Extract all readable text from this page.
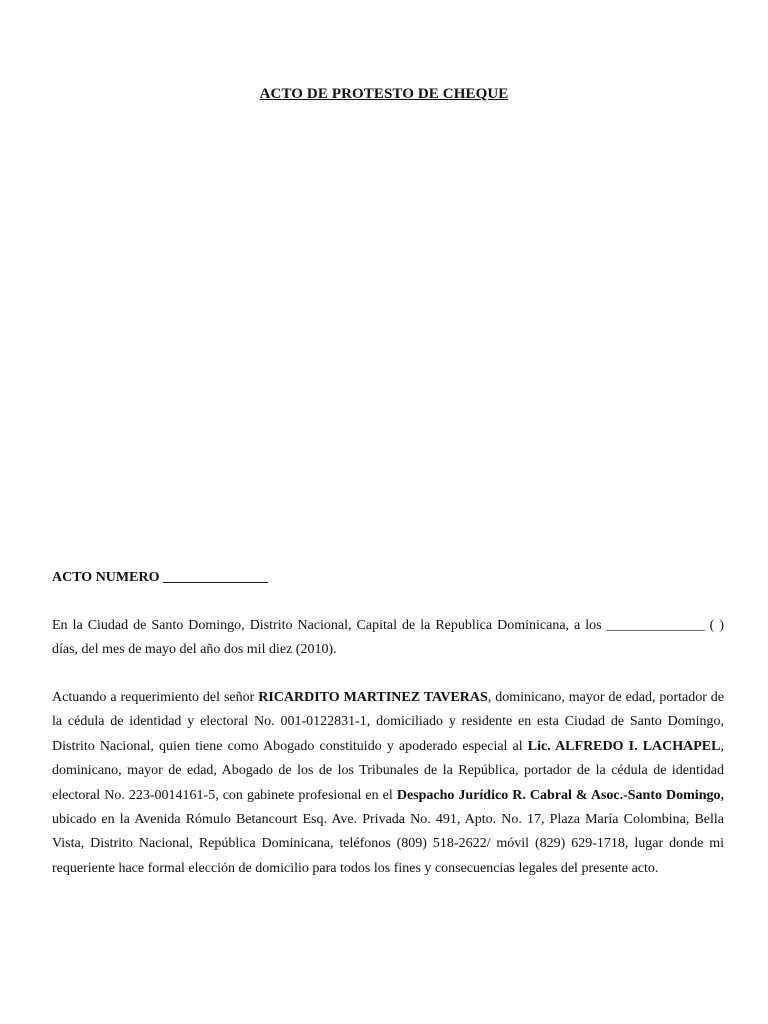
ACTO DE PROTESTO DE CHEQUE
ACTO NUMERO _______________

En la Ciudad de Santo Domingo, Distrito Nacional, Capital de la Republica Dominicana, a los ______________ ( ) días, del mes de mayo del año dos mil diez (2010).

Actuando a requerimiento del señor RICARDITO MARTINEZ TAVERAS, dominicano, mayor de edad, portador de la cédula de identidad y electoral No. 001-0122831-1, domiciliado y residente en esta Ciudad de Santo Domingo, Distrito Nacional, quien tiene como Abogado constituido y apoderado especial al Lic. ALFREDO I. LACHAPEL, dominicano, mayor de edad, Abogado de los de los Tribunales de la República, portador de la cédula de identidad electoral No. 223-0014161-5, con gabinete profesional en el Despacho Jurídico R. Cabral & Asoc.-Santo Domingo, ubicado en la Avenida Rómulo Betancourt Esq. Ave. Privada No. 491, Apto. No. 17, Plaza María Colombina, Bella Vista, Distrito Nacional, República Dominicana, teléfonos (809) 518-2622/ móvil (829) 629-1718, lugar donde mi requeriente hace formal elección de domicilio para todos los fines y consecuencias legales del presente acto.
